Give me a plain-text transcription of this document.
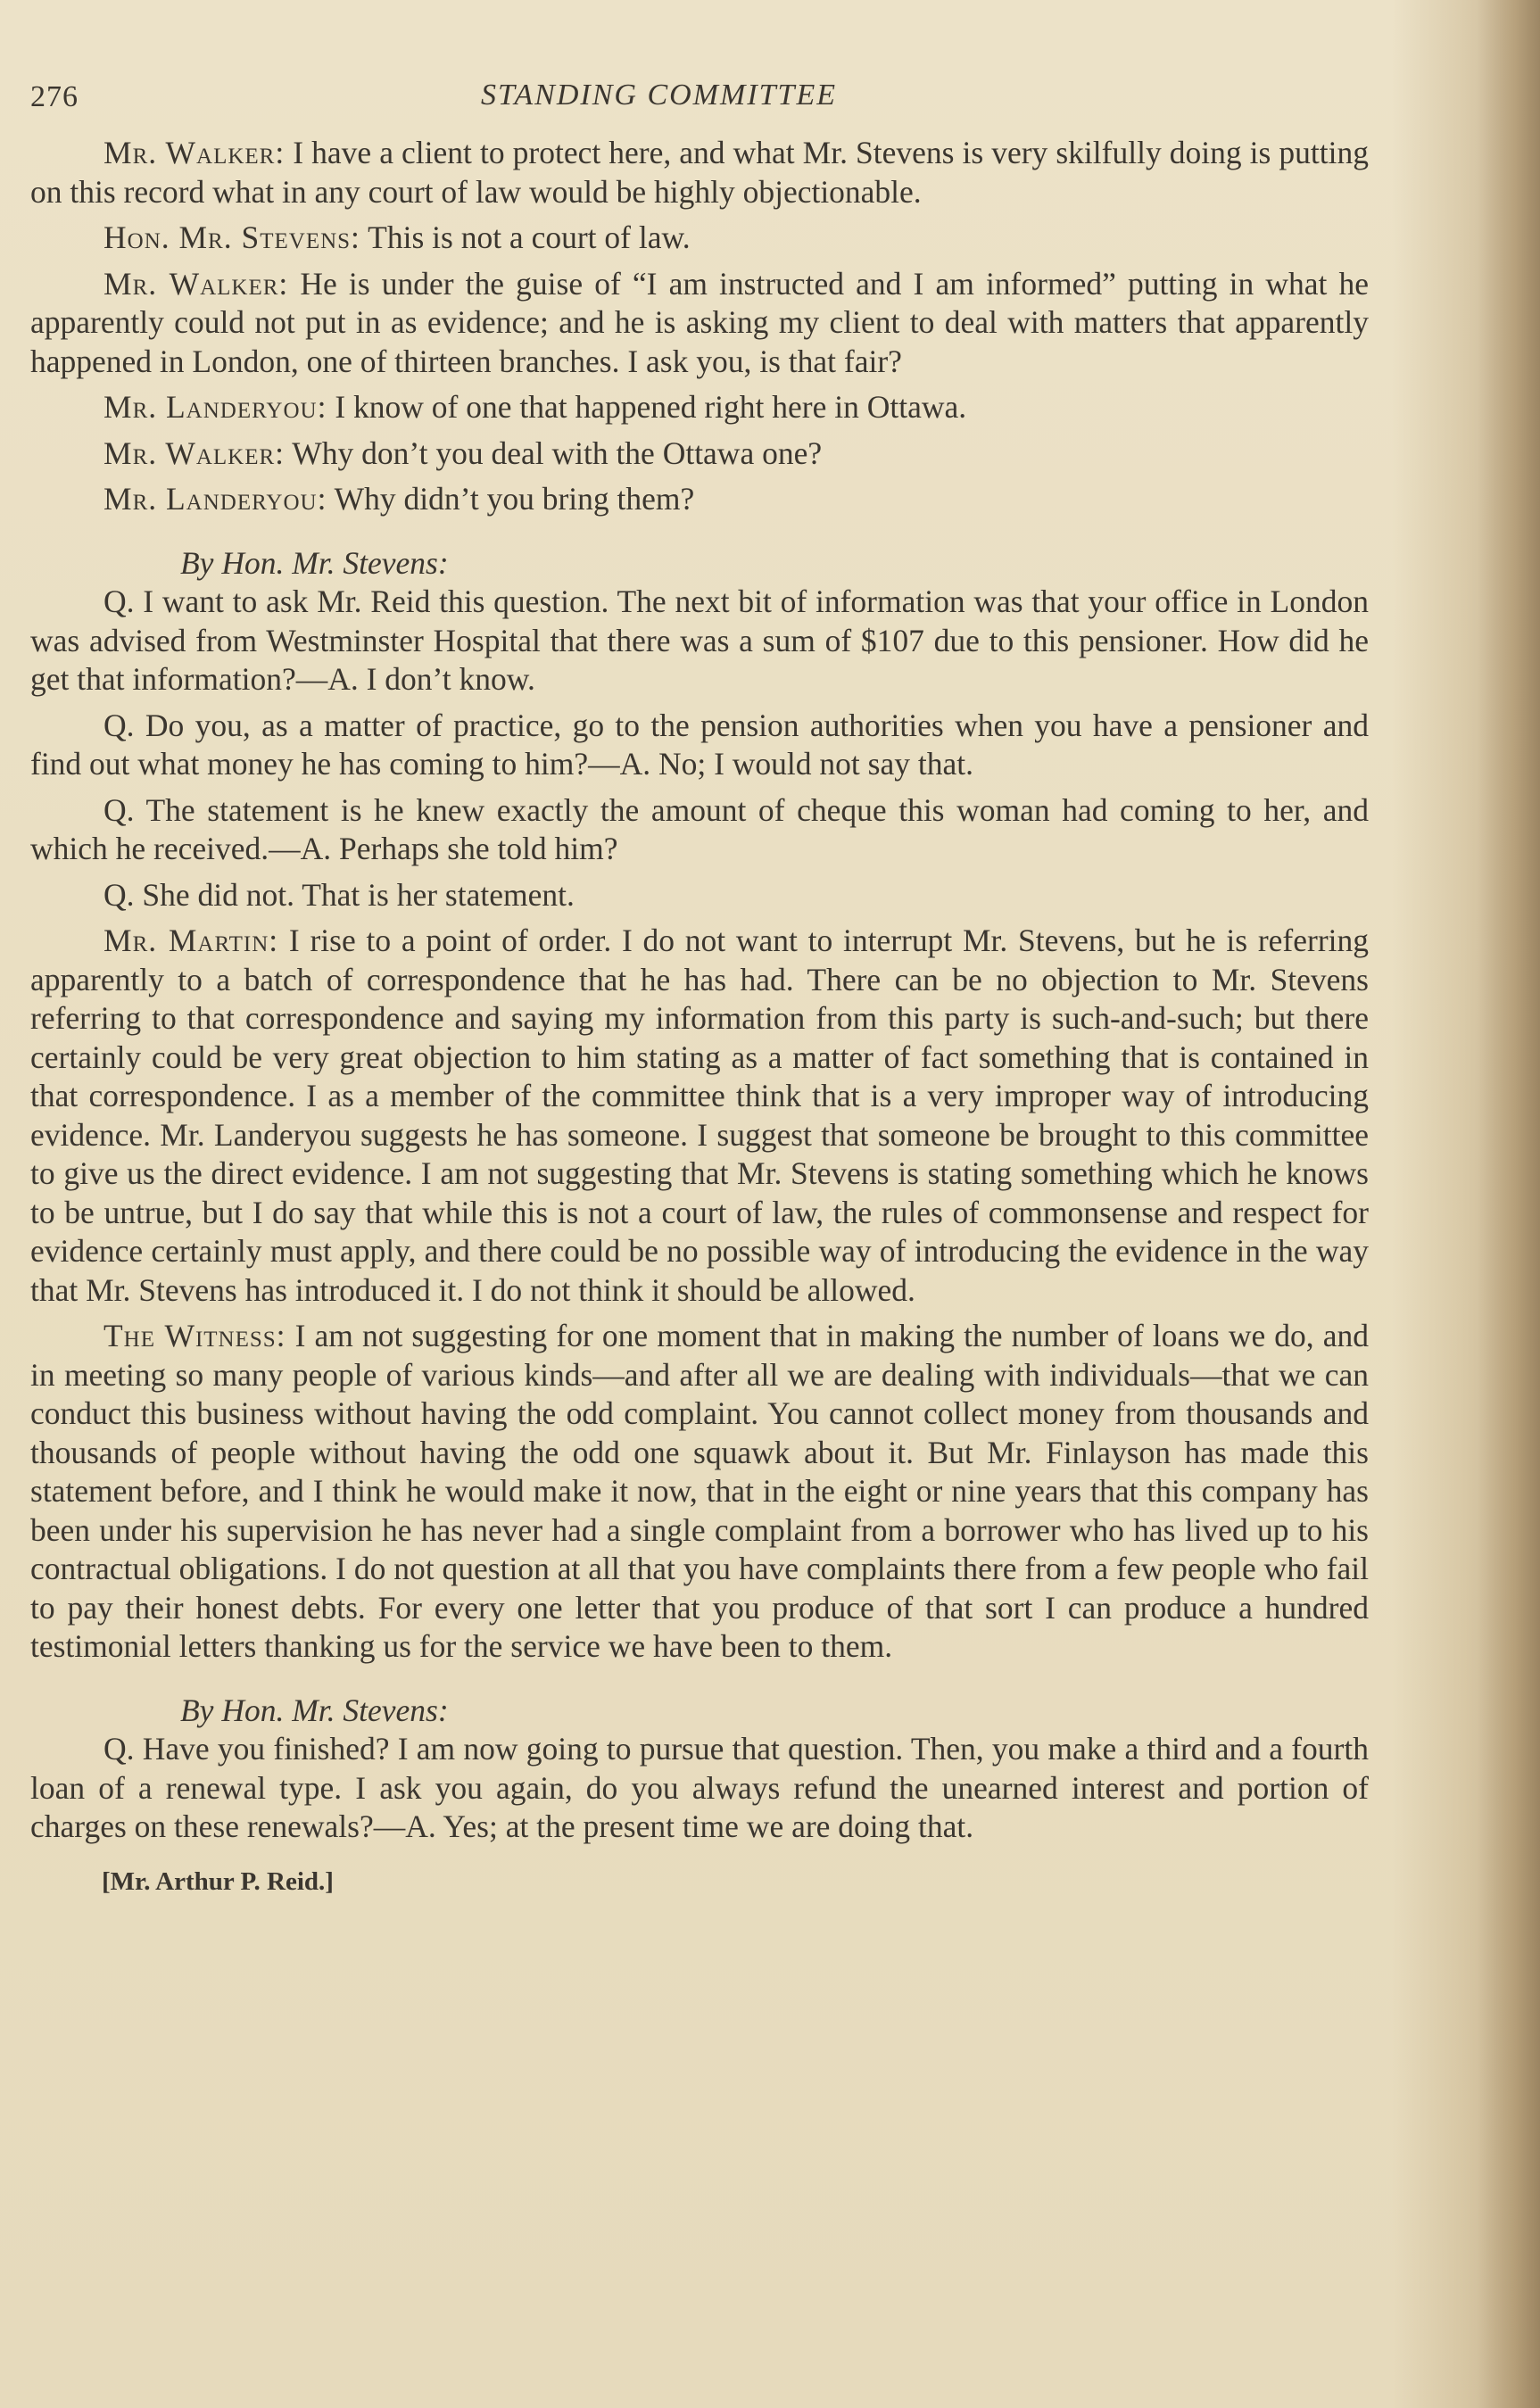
276	STANDING COMMITTEE

Mr. Walker: I have a client to protect here, and what Mr. Stevens is very skilfully doing is putting on this record what in any court of law would be highly objectionable.

Hon. Mr. Stevens: This is not a court of law.

Mr. Walker: He is under the guise of “I am instructed and I am informed” putting in what he apparently could not put in as evidence; and he is asking my client to deal with matters that apparently happened in London, one of thirteen branches. I ask you, is that fair?

Mr. Landeryou: I know of one that happened right here in Ottawa.

Mr. Walker: Why don’t you deal with the Ottawa one?

Mr. Landeryou: Why didn’t you bring them?

By Hon. Mr. Stevens:

Q. I want to ask Mr. Reid this question. The next bit of information was that your office in London was advised from Westminster Hospital that there was a sum of $107 due to this pensioner. How did he get that information?—A. I don’t know.

Q. Do you, as a matter of practice, go to the pension authorities when you have a pensioner and find out what money he has coming to him?—A. No; I would not say that.

Q. The statement is he knew exactly the amount of cheque this woman had coming to her, and which he received.—A. Perhaps she told him?

Q. She did not. That is her statement.

Mr. Martin: I rise to a point of order. I do not want to interrupt Mr. Stevens, but he is referring apparently to a batch of correspondence that he has had. There can be no objection to Mr. Stevens referring to that correspondence and saying my information from this party is such-and-such; but there certainly could be very great objection to him stating as a matter of fact something that is contained in that correspondence. I as a member of the committee think that is a very improper way of introducing evidence. Mr. Landeryou suggests he has someone. I suggest that someone be brought to this committee to give us the direct evidence. I am not suggesting that Mr. Stevens is stating something which he knows to be untrue, but I do say that while this is not a court of law, the rules of commonsense and respect for evidence certainly must apply, and there could be no possible way of introducing the evidence in the way that Mr. Stevens has introduced it. I do not think it should be allowed.

The Witness: I am not suggesting for one moment that in making the number of loans we do, and in meeting so many people of various kinds—and after all we are dealing with individuals—that we can conduct this business without having the odd complaint. You cannot collect money from thousands and thousands of people without having the odd one squawk about it. But Mr. Finlayson has made this statement before, and I think he would make it now, that in the eight or nine years that this company has been under his supervision he has never had a single complaint from a borrower who has lived up to his contractual obligations. I do not question at all that you have complaints there from a few people who fail to pay their honest debts. For every one letter that you produce of that sort I can produce a hundred testimonial letters thanking us for the service we have been to them.

By Hon. Mr. Stevens:

Q. Have you finished? I am now going to pursue that question. Then, you make a third and a fourth loan of a renewal type. I ask you again, do you always refund the unearned interest and portion of charges on these renewals?—A. Yes; at the present time we are doing that.

[Mr. Arthur P. Reid.]
